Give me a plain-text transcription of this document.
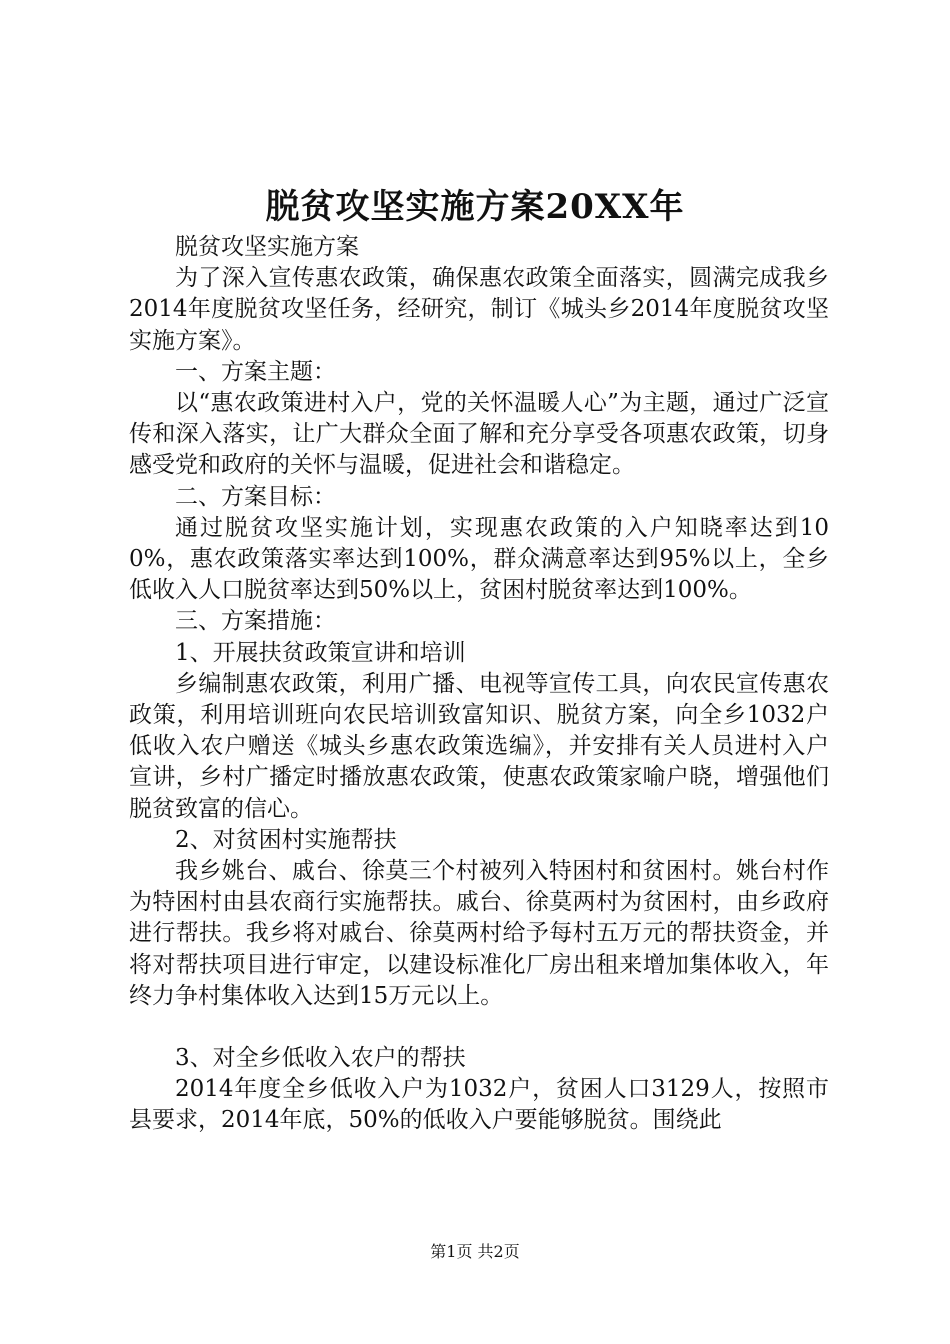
脱贫攻坚实施方案20XX年

脱贫攻坚实施方案

为了深入宣传惠农政策，确保惠农政策全面落实，圆满完成我乡2014年度脱贫攻坚任务，经研究，制订《城头乡2014年度脱贫攻坚实施方案》。

一、方案主题：

以“惠农政策进村入户，党的关怀温暖人心”为主题，通过广泛宣传和深入落实，让广大群众全面了解和充分享受各项惠农政策，切身感受党和政府的关怀与温暖，促进社会和谐稳定。

二、方案目标：

通过脱贫攻坚实施计划，实现惠农政策的入户知晓率达到100%，惠农政策落实率达到100%，群众满意率达到95%以上，全乡低收入人口脱贫率达到50%以上，贫困村脱贫率达到100%。

三、方案措施：

1、开展扶贫政策宣讲和培训

乡编制惠农政策，利用广播、电视等宣传工具，向农民宣传惠农政策，利用培训班向农民培训致富知识、脱贫方案，向全乡1032户低收入农户赠送《城头乡惠农政策选编》，并安排有关人员进村入户宣讲，乡村广播定时播放惠农政策，使惠农政策家喻户晓，增强他们脱贫致富的信心。

2、对贫困村实施帮扶

我乡姚台、戚台、徐莫三个村被列入特困村和贫困村。姚台村作为特困村由县农商行实施帮扶。戚台、徐莫两村为贫困村，由乡政府进行帮扶。我乡将对戚台、徐莫两村给予每村五万元的帮扶资金，并将对帮扶项目进行审定，以建设标准化厂房出租来增加集体收入，年终力争村集体收入达到15万元以上。

3、对全乡低收入农户的帮扶

2014年度全乡低收入户为1032户，贫困人口3129人，按照市县要求，2014年底，50%的低收入户要能够脱贫。围绕此

第1页 共2页
